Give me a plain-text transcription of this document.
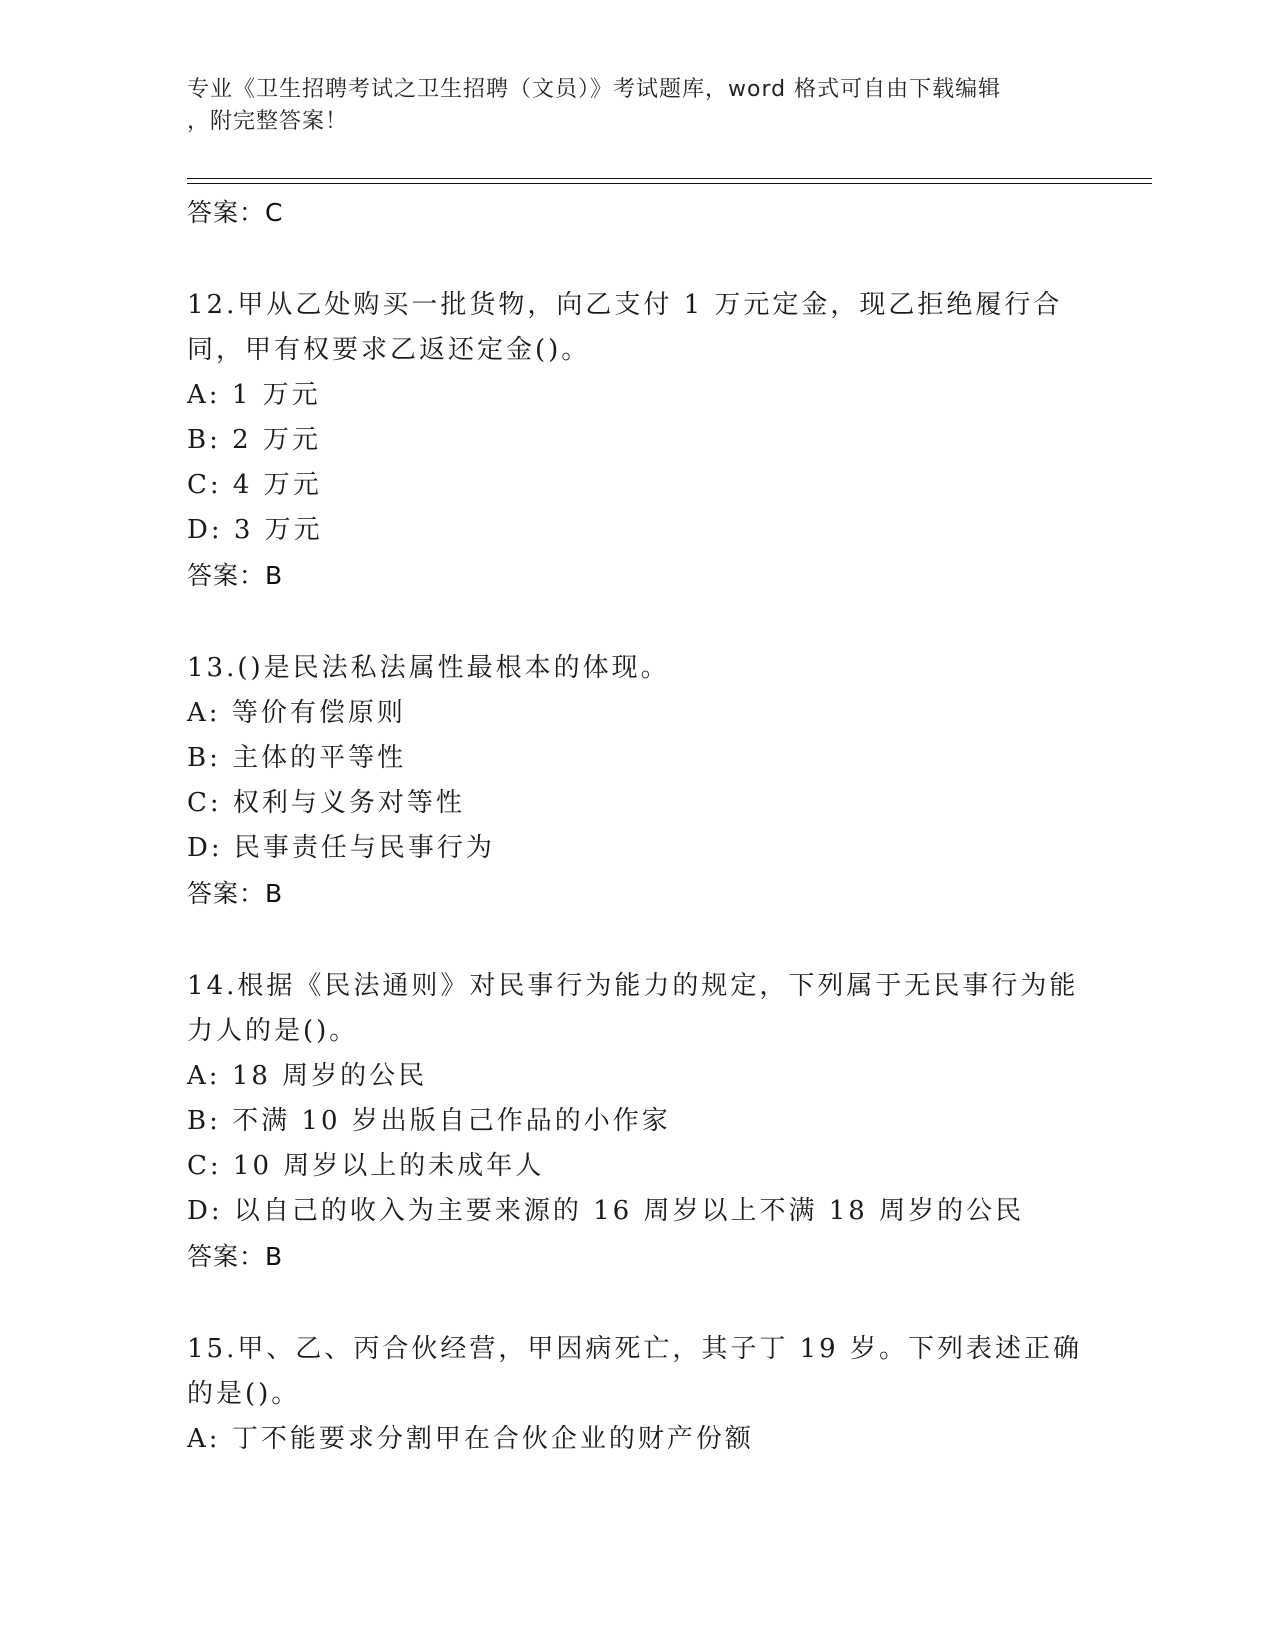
专业《卫生招聘考试之卫生招聘（文员）》考试题库，word 格式可自由下载编辑
，附完整答案！
答案：C
12.甲从乙处购买一批货物，向乙支付 1 万元定金，现乙拒绝履行合同，甲有权要求乙返还定金()。
A: 1 万元
B: 2 万元
C: 4 万元
D: 3 万元
答案：B
13.()是民法私法属性最根本的体现。
A: 等价有偿原则
B: 主体的平等性
C: 权利与义务对等性
D: 民事责任与民事行为
答案：B
14.根据《民法通则》对民事行为能力的规定，下列属于无民事行为能力人的是()。
A: 18 周岁的公民
B: 不满 10 岁出版自己作品的小作家
C: 10 周岁以上的未成年人
D: 以自己的收入为主要来源的 16 周岁以上不满 18 周岁的公民
答案：B
15.甲、乙、丙合伙经营，甲因病死亡，其子丁 19 岁。下列表述正确的是()。
A: 丁不能要求分割甲在合伙企业的财产份额
